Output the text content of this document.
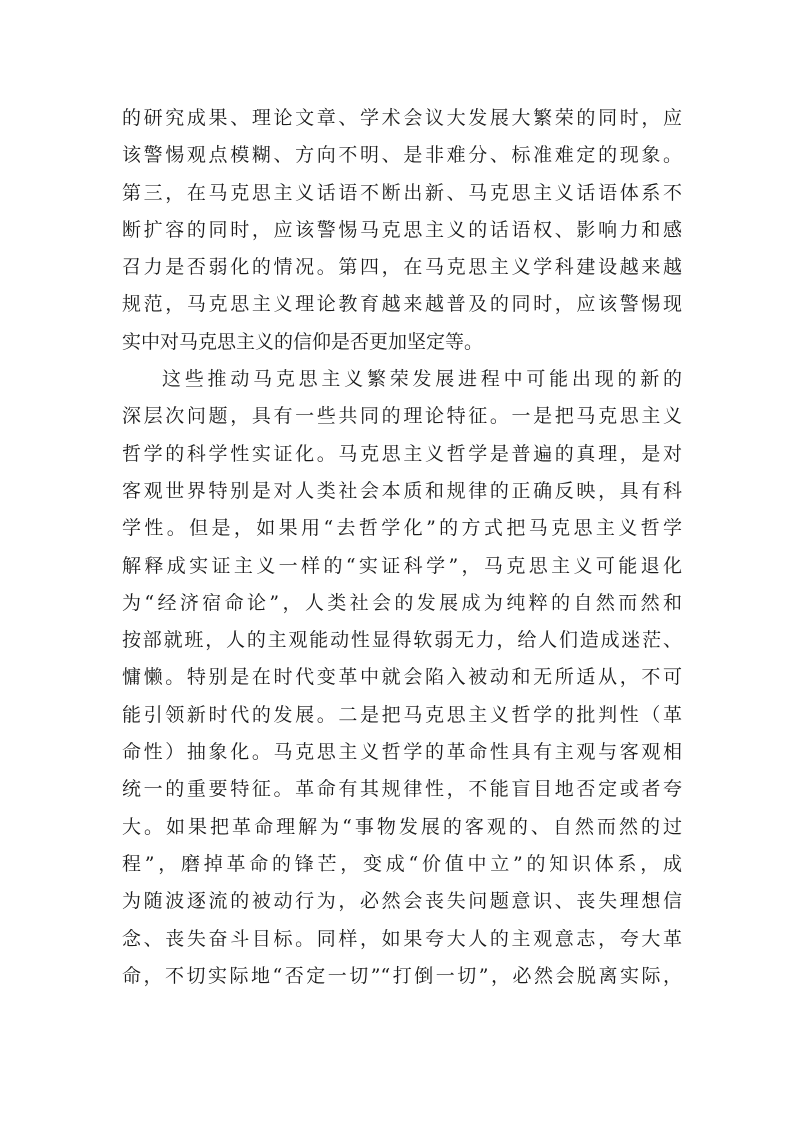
的研究成果、理论文章、学术会议大发展大繁荣的同时，应
该警惕观点模糊、方向不明、是非难分、标准难定的现象。
第三，在马克思主义话语不断出新、马克思主义话语体系不
断扩容的同时，应该警惕马克思主义的话语权、影响力和感
召力是否弱化的情况。第四，在马克思主义学科建设越来越
规范，马克思主义理论教育越来越普及的同时，应该警惕现
实中对马克思主义的信仰是否更加坚定等。
这些推动马克思主义繁荣发展进程中可能出现的新的
深层次问题，具有一些共同的理论特征。一是把马克思主义
哲学的科学性实证化。马克思主义哲学是普遍的真理，是对
客观世界特别是对人类社会本质和规律的正确反映，具有科
学性。但是，如果用“去哲学化”的方式把马克思主义哲学
解释成实证主义一样的“实证科学”，马克思主义可能退化
为“经济宿命论”，人类社会的发展成为纯粹的自然而然和
按部就班，人的主观能动性显得软弱无力，给人们造成迷茫、
慵懒。特别是在时代变革中就会陷入被动和无所适从，不可
能引领新时代的发展。二是把马克思主义哲学的批判性（革
命性）抽象化。马克思主义哲学的革命性具有主观与客观相
统一的重要特征。革命有其规律性，不能盲目地否定或者夸
大。如果把革命理解为“事物发展的客观的、自然而然的过
程”，磨掉革命的锋芒，变成“价值中立”的知识体系，成
为随波逐流的被动行为，必然会丧失问题意识、丧失理想信
念、丧失奋斗目标。同样，如果夸大人的主观意志，夸大革
命，不切实际地“否定一切”“打倒一切”，必然会脱离实际，
